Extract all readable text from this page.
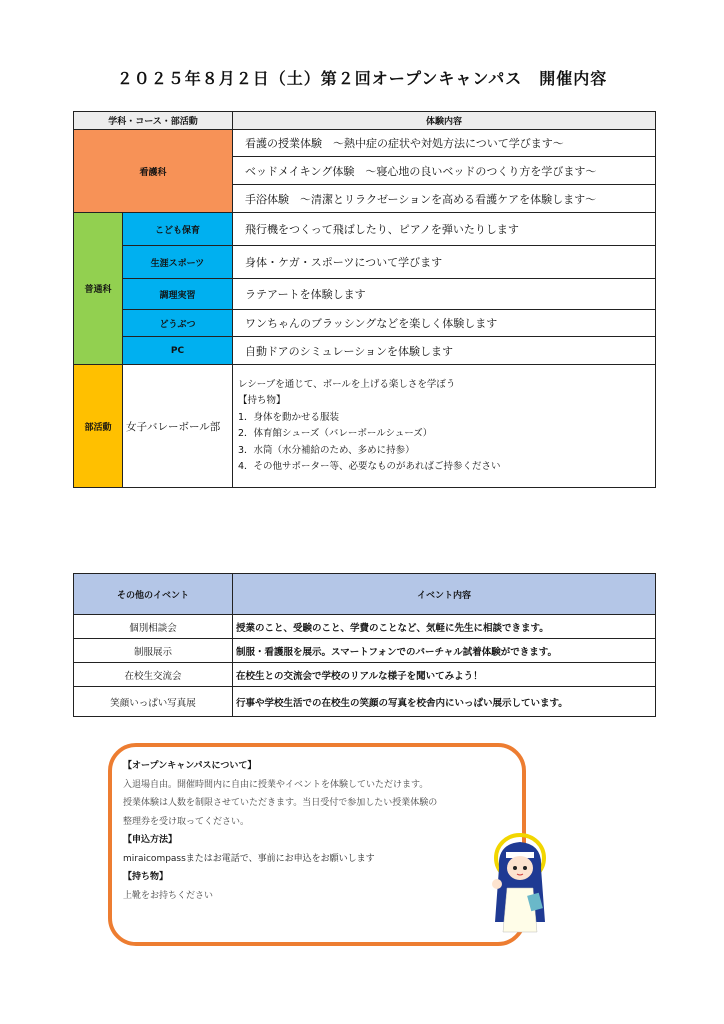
２０２５年８月２日（土）第２回オープンキャンパス　開催内容
学科・コース・部活動	体験内容
看護科
看護の授業体験　～熱中症の症状や対処方法について学びます～
ベッドメイキング体験　～寝心地の良いベッドのつくり方を学びます～
手浴体験　～清潔とリラクゼーションを高める看護ケアを体験します～
普通科
こども保育	飛行機をつくって飛ばしたり、ピアノを弾いたりします
生涯スポーツ	身体・ケガ・スポーツについて学びます
調理実習	ラテアートを体験します
どうぶつ	ワンちゃんのブラッシングなどを楽しく体験します
PC	自動ドアのシミュレーションを体験します
部活動	女子バレーボール部
レシーブを通じて、ボールを上げる楽しさを学ぼう
【持ち物】
1．身体を動かせる服装
2．体育館シューズ（バレーボールシューズ）
3．水筒（水分補給のため、多めに持参）
4．その他サポーター等、必要なものがあればご持参ください
その他のイベント	イベント内容
個別相談会	授業のこと、受験のこと、学費のことなど、気軽に先生に相談できます。
制服展示	制服・看護服を展示。スマートフォンでのバーチャル試着体験ができます。
在校生交流会	在校生との交流会で学校のリアルな様子を聞いてみよう！
笑顔いっぱい写真展	行事や学校生活での在校生の笑顔の写真を校舎内にいっぱい展示しています。
【オープンキャンパスについて】
入退場自由。開催時間内に自由に授業やイベントを体験していただけます。
授業体験は人数を制限させていただきます。当日受付で参加したい授業体験の
整理券を受け取ってください。
【申込方法】
miraicompassまたはお電話で、事前にお申込をお願いします
【持ち物】
上靴をお持ちください
